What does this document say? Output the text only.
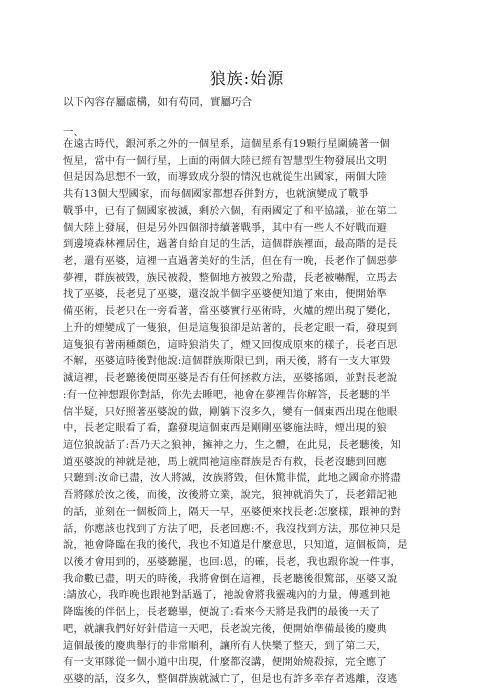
狼族:始源
以下內容存屬虛構，如有苟同，實屬巧合
一、
在遠古時代，銀河系之外的一個星系，這個星系有19顆行星圍繞著一個
恆星，當中有一個行星，上面的兩個大陸已經有智慧型生物發展出文明
但是因為思想不一致，而導致成分裂的情況也就從生出國家，兩個大陸
共有13個大型國家，而每個國家都想吞併對方，也就演變成了戰爭
戰爭中，已有了個國家被滅，剩於六個，有兩國定了和平協議，並在第二
個大陸上發展，但是另外四個卻持續著戰爭，其中有一些人不好戰而避
到邊境森林裡居住，過著自給自足的生活，這個群族裡面，最高階的是長
老，還有巫婆，這裡一直過著美好的生活，但在有一晚，長老作了個惡夢
夢裡，群族被毀，族民被殺，整個地方被毀之殆盡，長老被嚇醒，立馬去
找了巫婆，長老見了巫婆，還沒說半個字巫婆便知道了來由，便開始準
備巫術，長老只在一旁看著，當巫婆實行巫術時，火爐的煙出現了變化，
上升的煙變成了一隻狼，但是這隻狼卻是站著的，長老定眼一看，發現到
這隻狼有著兩種顏色，這時狼消失了，煙又回復成原來的樣子，長老百思
不解，巫婆這時後對他說:這個群族斯限已到，兩天後，將有一支大軍毀
滅這裡，長老聽後便問巫婆是否有任何拯救方法，巫婆搖頭，並對長老說
:有一位神想跟你對話，你先去睡吧，祂會在夢裡告你解答，長老聽的半
信半疑，只好照著巫婆說的做，剛躺下沒多久，變有一個東西出現在他眼
中，長老定眼看了看，蠢發現這個東西是剛剛巫婆施法時，煙出現的狼
這位狼說話了:吾乃天之狼神，擁神之力，生之體，在此見，長老聽後，知
道巫婆說的神就是祂，馬上就問祂這座群族是否有救，長老沒聽到回應
只聽到:汝命已盡，汝人將滅，汝族將毀，但休驚非慌，此地之國命亦將盡
吾將隊於汝之後，而後，汝後將立業，說完，狼神就消失了，長老錯記祂
的話，並刻在一個板筒上，隔天一早，巫婆便來找長老:怎麼樣，跟神的對
話，你應該也找到了方法了吧，長老回應:不，我沒找到方法，那位神只是
說，祂會降臨在我的後代，我也不知道是什麼意思，只知道，這個板筒，是
以後才會用到的，巫婆聽罷，也回:恩，的確，長老，我也跟你說一件事，
我命數已盡，明天的時後，我將會倒在這裡，長老聽後很驚部，巫婆又說
:請放心，我昨晚也跟祂對話過了，祂說會將我靈魂內的力量，傳遞到祂
降臨後的伴侶上，長老聽畢，便說了:看來今天將是我們的最後一天了
吧，就讓我們好好針借這一天吧，長老說完後，便開始準備最後的慶典
這個最後的慶典舉行的非常順利，讓所有人快樂了整天，到了第二天，
有一支軍隊從一個小道中出現，什麼都沒講，便開始燒殺掠，完全應了
巫婆的話，沒多久，整個群族就滅亡了，但是也有許多幸存者逃離，沒逃
